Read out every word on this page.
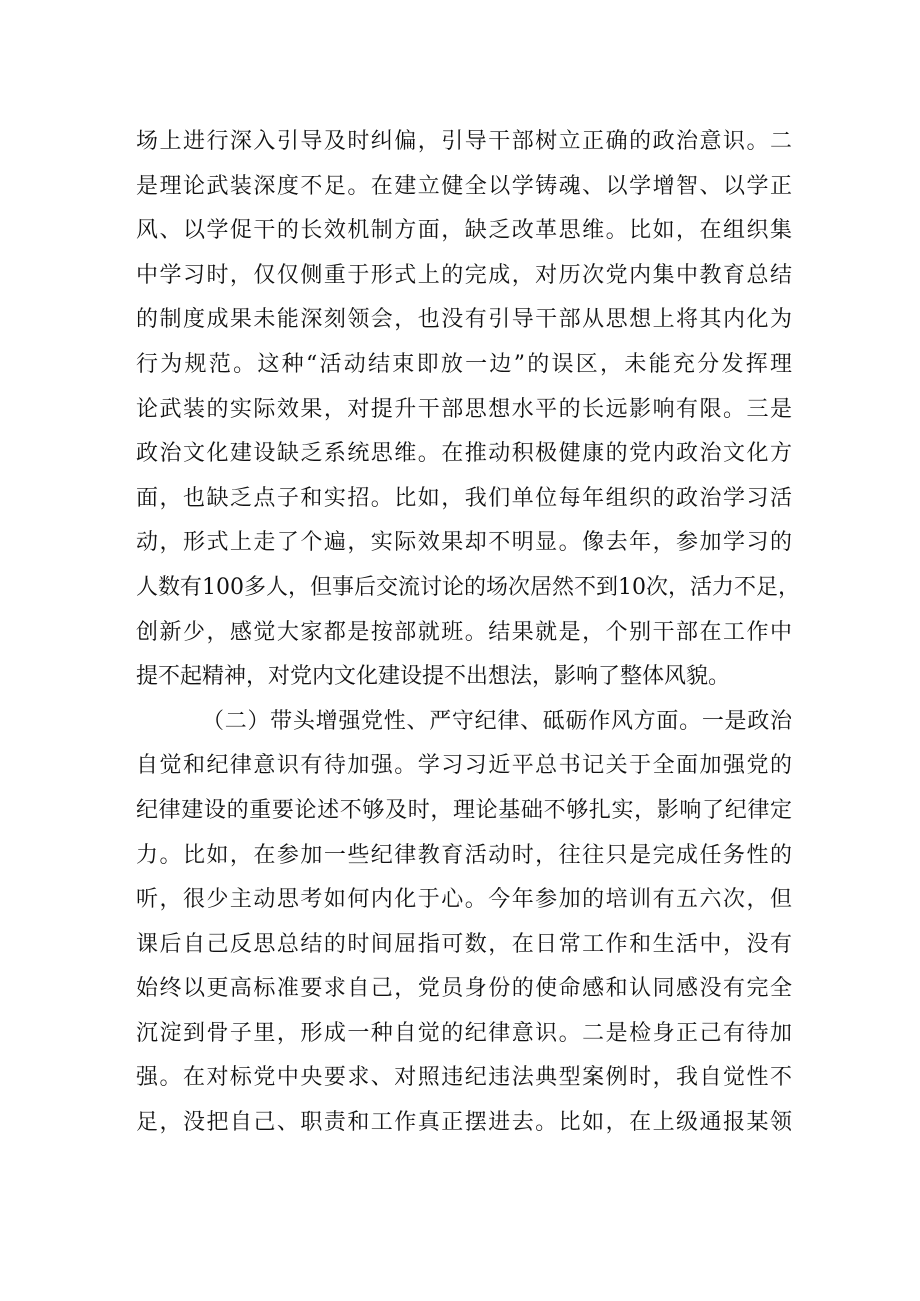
场上进行深入引导及时纠偏，引导干部树立正确的政治意识。二
是理论武装深度不足。在建立健全以学铸魂、以学增智、以学正
风、以学促干的长效机制方面，缺乏改革思维。比如，在组织集
中学习时，仅仅侧重于形式上的完成，对历次党内集中教育总结
的制度成果未能深刻领会，也没有引导干部从思想上将其内化为
行为规范。这种“活动结束即放一边”的误区，未能充分发挥理
论武装的实际效果，对提升干部思想水平的长远影响有限。三是
政治文化建设缺乏系统思维。在推动积极健康的党内政治文化方
面，也缺乏点子和实招。比如，我们单位每年组织的政治学习活
动，形式上走了个遍，实际效果却不明显。像去年，参加学习的
人数有100多人，但事后交流讨论的场次居然不到10次，活力不足，
创新少，感觉大家都是按部就班。结果就是，个别干部在工作中
提不起精神，对党内文化建设提不出想法，影响了整体风貌。
（二）带头增强党性、严守纪律、砥砺作风方面。一是政治
自觉和纪律意识有待加强。学习习近平总书记关于全面加强党的
纪律建设的重要论述不够及时，理论基础不够扎实，影响了纪律定
力。比如，在参加一些纪律教育活动时，往往只是完成任务性的
听，很少主动思考如何内化于心。今年参加的培训有五六次，但
课后自己反思总结的时间屈指可数，在日常工作和生活中，没有
始终以更高标准要求自己，党员身份的使命感和认同感没有完全
沉淀到骨子里，形成一种自觉的纪律意识。二是检身正己有待加
强。在对标党中央要求、对照违纪违法典型案例时，我自觉性不
足，没把自己、职责和工作真正摆进去。比如，在上级通报某领
